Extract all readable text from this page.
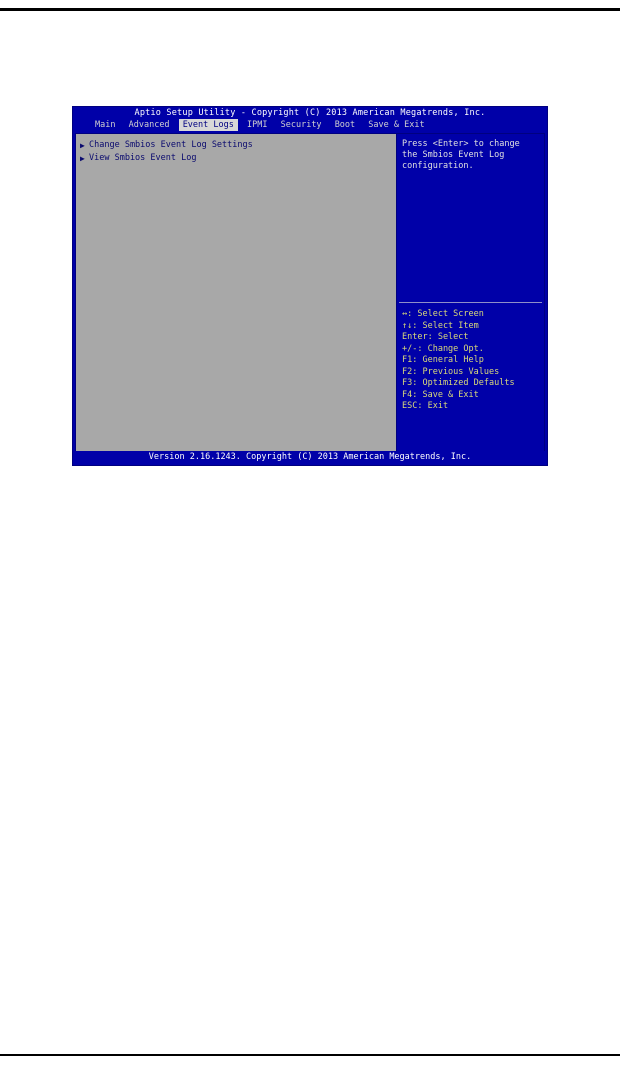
Aptio Setup Utility - Copyright (C) 2013 American Megatrends, Inc.
Main Advanced Event Logs IPMI Security Boot Save & Exit
▶ Change Smbios Event Log Settings
▶ View Smbios Event Log
Press <Enter> to change the Smbios Event Log configuration.
↔: Select Screen
↑↓: Select Item
Enter: Select
+/-: Change Opt.
F1: General Help
F2: Previous Values
F3: Optimized Defaults
F4: Save & Exit
ESC: Exit
Version 2.16.1243. Copyright (C) 2013 American Megatrends, Inc.
